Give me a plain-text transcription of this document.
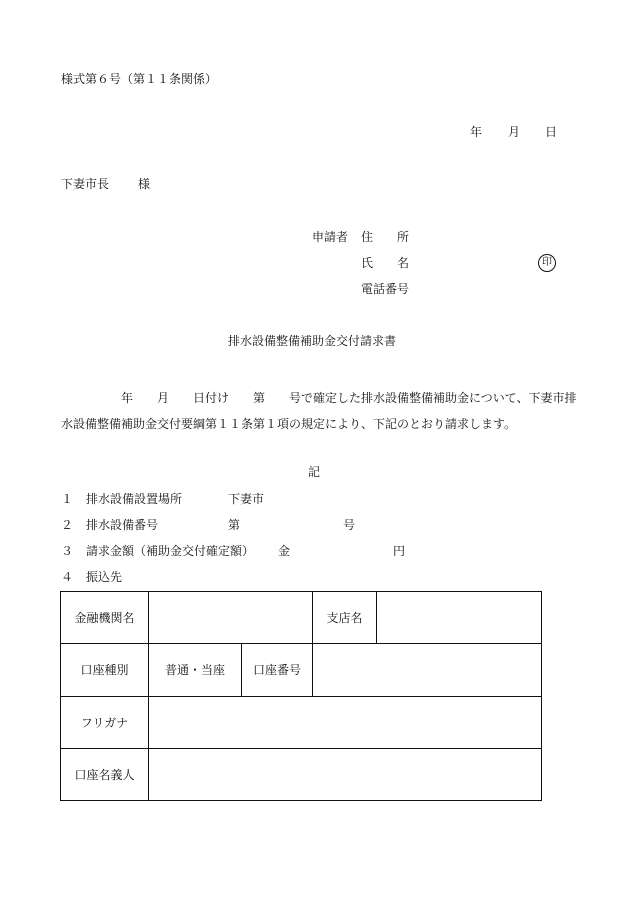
様式第６号（第１１条関係）
年 月 日
下妻市長 様
申請者 住　　所
氏　　名	印
電話番号
排水設備整備補助金交付請求書
　　　　　年　　月　　日付け　　第　　号で確定した排水設備整備補助金について、下妻市排水設備整備補助金交付要綱第１１条第１項の規定により、下記のとおり請求します。
記
１ 排水設備設置場所	下妻市
２ 排水設備番号	第	号
３ 請求金額（補助金交付確定額） 金	円
４ 振込先
金融機関名			支店名	
口座種別	普通・当座	口座番号		
フリガナ				
口座名義人				
